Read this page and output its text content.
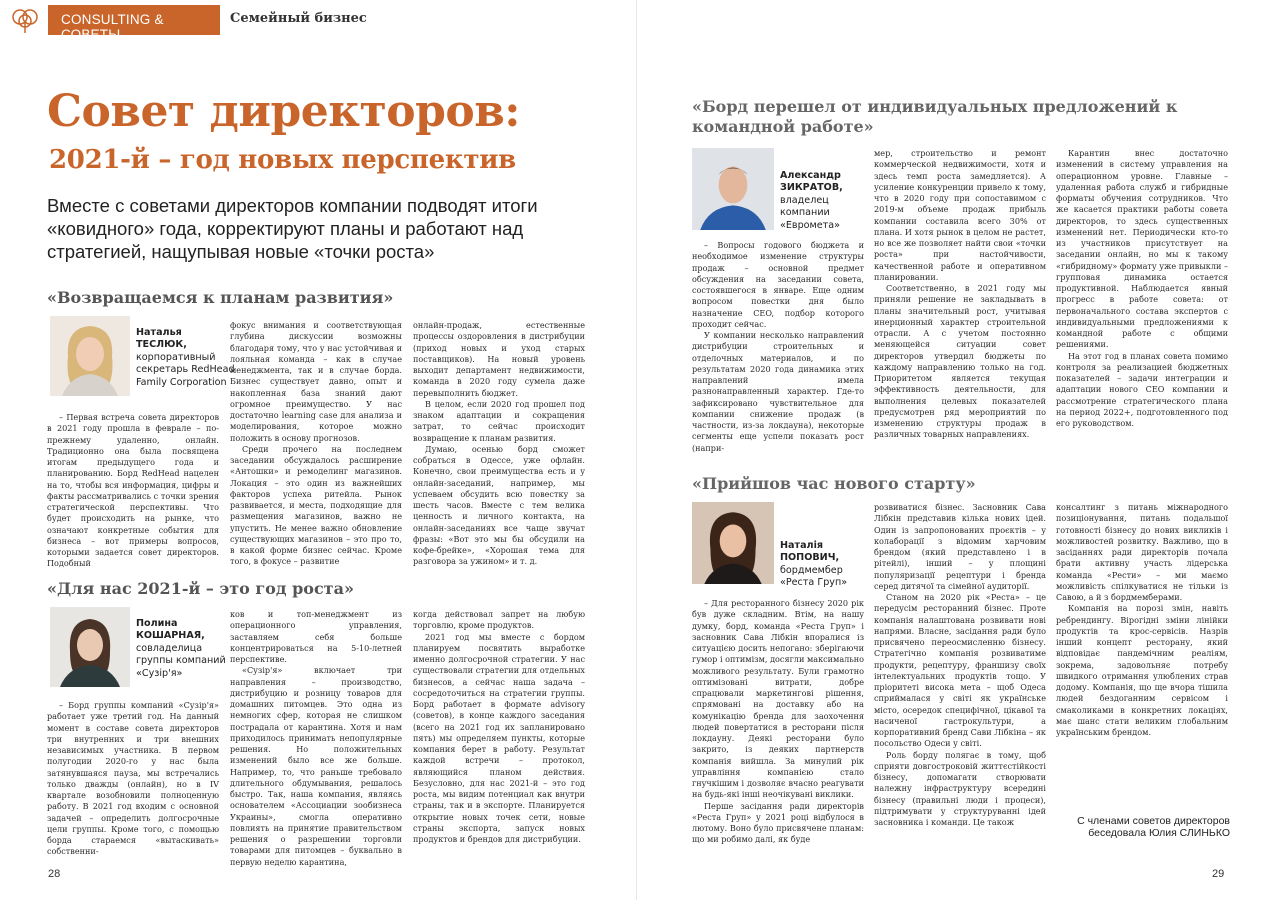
CONSULTING & СОВЕТЫ
Семейный бизнес
Совет директоров:
2021-й – год новых перспектив
Вместе с советами директоров компании подводят итоги «ковидного» года, корректируют планы и работают над стратегией, нащупывая новые «точки роста»
«Возвращаемся к планам развития»
Наталья
ТЕСЛЮК,
корпоративный секретарь RedHead Family Corporation

– Первая встреча совета директоров в 2021 году прошла в феврале – по-прежнему удаленно, онлайн. Традиционно она была посвящена итогам предыдущего года и планированию. Борд RedHead нацелен на то, чтобы вся информация, цифры и факты рассматривались с точки зрения стратегической перспективы. Что будет происходить на рынке, что означают конкретные события для бизнеса – вот примеры вопросов, которыми задается совет директоров. Подобный

фокус внимания и соответствующая глубина дискуссии возможны благодаря тому, что у нас устойчивая и лояльная команда – как в случае менеджмента, так и в случае борда. Бизнес существует давно, опыт и накопленная база знаний дают огромное преимущество. У нас достаточно learning case для анализа и моделирования, которое можно положить в основу прогнозов.

Среди прочего на последнем заседании обсуждалось расширение «Антошки» и ремоделинг магазинов. Локация – это один из важнейших факторов успеха ритейла. Рынок развивается, и места, подходящие для размещения магазинов, важно не упустить. Не менее важно обновление существующих магазинов – это про то, в какой форме бизнес сейчас. Кроме того, в фокусе – развитие

онлайн-продаж, естественные процессы оздоровления в дистрибуции (приход новых и уход старых поставщиков). На новый уровень выходит департамент недвижимости, команда в 2020 году сумела даже перевыполнить бюджет.

В целом, если 2020 год прошел под знаком адаптации и сокращения затрат, то сейчас происходит возвращение к планам развития.

Думаю, осенью борд сможет собраться в Одессе, уже офлайн. Конечно, свои преимущества есть и у онлайн-заседаний, например, мы успеваем обсудить всю повестку за шесть часов. Вместе с тем велика ценность и личного контакта, на онлайн-заседаниях все чаще звучат фразы: «Вот это мы бы обсудили на кофе-брейке», «Хорошая тема для разговора за ужином» и т. д.

«Для нас 2021-й – это год роста»
Полина
КОШАРНАЯ,
совладелица группы компаний «Сузір'я»

– Борд группы компаний «Сузір'я» работает уже третий год. На данный момент в составе совета директоров три внутренних и три внешних независимых участника. В первом полугодии 2020-го у нас была затянувшаяся пауза, мы встречались только дважды (онлайн), но в IV квартале возобновили полноценную работу. В 2021 год входим с основной задачей – определить долгосрочные цели группы. Кроме того, с помощью борда стараемся «вытаскивать» собственни-

ков и топ-менеджмент из операционного управления, заставляем себя больше концентрироваться на 5-10-летней перспективе.

«Сузір'я» включает три направления – производство, дистрибуцию и розницу товаров для домашних питомцев. Это одна из немногих сфер, которая не слишком пострадала от карантина. Хотя и нам приходилось принимать непопулярные решения. Но положительных изменений было все же больше. Например, то, что раньше требовало длительного обдумывания, решалось быстро. Так, наша компания, являясь основателем «Ассоциации зообизнеса Украины», смогла оперативно повлиять на принятие правительством решения о разрешении торговли товарами для питомцев – буквально в первую неделю карантина,

когда действовал запрет на любую торговлю, кроме продуктов.

2021 год мы вместе с бордом планируем посвятить выработке именно долгосрочной стратегии. У нас существовали стратегии для отдельных бизнесов, а сейчас наша задача – сосредоточиться на стратегии группы. Борд работает в формате advisory (советов), в конце каждого заседания (всего на 2021 год их запланировано пять) мы определяем пункты, которые компания берет в работу. Результат каждой встречи – протокол, являющийся планом действия. Безусловно, для нас 2021-й – это год роста, мы видим потенциал как внутри страны, так и в экспорте. Планируется открытие новых точек сети, новые страны экспорта, запуск новых продуктов и брендов для дистрибуции.

«Борд перешел от индивидуальных предложений к командной работе»
Александр
ЗИКРАТОВ,
владелец компании «Еврометa»

– Вопросы годового бюджета и необходимое изменение структуры продаж – основной предмет обсуждения на заседании совета, состоявшегося в январе. Еще одним вопросом повестки дня было назначение CEO, подбор которого проходит сейчас.

У компании несколько направлений дистрибуции строительных и отделочных материалов, и по результатам 2020 года динамика этих направлений имела разнонаправленный характер. Где-то зафиксировано чувствительное для компании снижение продаж (в частности, из-за локдауна), некоторые сегменты еще успели показать рост (напри-

мер, строительство и ремонт коммерческой недвижимости, хотя и здесь темп роста замедляется). А усиление конкуренции привело к тому, что в 2020 году при сопоставимом с 2019-м объеме продаж прибыль компании составила всего 30% от плана. И хотя рынок в целом не растет, но все же позволяет найти свои «точки роста» при настойчивости, качественной работе и оперативном планировании.

Соответственно, в 2021 году мы приняли решение не закладывать в планы значительный рост, учитывая инерционный характер строительной отрасли. А с учетом постоянно меняющейся ситуации совет директоров утвердил бюджеты по каждому направлению только на год. Приоритетом является текущая эффективность деятельности, для выполнения целевых показателей предусмотрен ряд мероприятий по изменению структуры продаж в различных товарных направлениях.

Карантин внес достаточно изменений в систему управления на операционном уровне. Главные – удаленная работа служб и гибридные форматы обучения сотрудников. Что же касается практики работы совета директоров, то здесь существенных изменений нет. Периодически кто-то из участников присутствует на заседании онлайн, но мы к такому «гибридному» формату уже привыкли – групповая динамика остается продуктивной. Наблюдается явный прогресс в работе совета: от первоначального состава экспертов с индивидуальными предложениями к командной работе с общими решениями.

На этот год в планах совета помимо контроля за реализацией бюджетных показателей – задачи интеграции и адаптации нового CEO компании и рассмотрение стратегического плана на период 2022+, подготовленного под его руководством.

«Прийшов час нового старту»
Наталія
ПОПОВИЧ,
бордмембер «Реста Груп»

– Для ресторанного бізнесу 2020 рік був дуже складним. Втім, на нашу думку, борд, команда «Реста Груп» і засновник Сава Лібкін впоралися із ситуацією досить непогано: зберігаючи гумор і оптимізм, досягли максимально можливого результату. Були грамотно оптимізовані витрати, добре спрацювали маркетингові рішення, спрямовані на доставку або на комунікацію бренда для заохочення людей повертатися в ресторани після локдауну. Деякі ресторани було закрито, із деяких партнерств компанія вийшла. За минулий рік управління компанією стало гнучкішим і дозволяє вчасно реагувати на будь-які інші неочікувані виклики.

Перше засідання ради директорів «Реста Груп» у 2021 році відбулося в лютому. Воно було присвячене планам: що ми робимо далі, як буде

розвиватися бізнес. Засновник Сава Лібкін представив кілька нових ідей. Один із запропонованих проєктів – у колаборації з відомим харчовим брендом (який представлено і в рітейлі), інший – у площині популяризації рецептури і бренда серед дитячої та сімейної аудиторії.

Станом на 2020 рік «Реста» – це передусім ресторанний бізнес. Проте компанія налаштована розвивати нові напрями. Власне, засідання ради було присвячено переосмисленню бізнесу. Стратегічно компанія розвиватиме продукти, рецептуру, франшизу своїх інтелектуальних продуктів тощо. У пріоритеті висока мета – щоб Одеса сприймалася у світі як українське місто, осередок специфічної, цікавої та насиченої гастрокультури, а корпоративний бренд Сави Лібкіна – як посольство Одеси у світі.

Роль борду полягає в тому, щоб сприяти довгостроковій життєстійкості бізнесу, допомагати створювати належну інфраструктуру всередині бізнесу (правильні люди і процеси), підтримувати у структуруванні ідей засновника і команди. Це також

консалтинг з питань міжнародного позиціонування, питань подальшої готовності бізнесу до нових викликів і можливостей розвитку. Важливо, що в засіданнях ради директорів почала брати активну участь лідерська команда «Рести» – ми маємо можливість спілкуватися не тільки із Савою, а й з бордмемберами.

Компанія на порозі змін, навіть ребрендингу. Вірогідні зміни лінійки продуктів та крос-сервісів. Назрів інший концепт ресторану, який відповідає пандемічним реаліям, зокрема, задовольняє потребу швидкого отримання улюблених страв додому. Компанія, що ще вчора тішила людей бездоганним сервісом і смаколиками в конкретних локаціях, має шанс стати великим глобальним українським брендом.

С членами советов директоров
беседовала Юлия СЛИНЬКО
28	29
